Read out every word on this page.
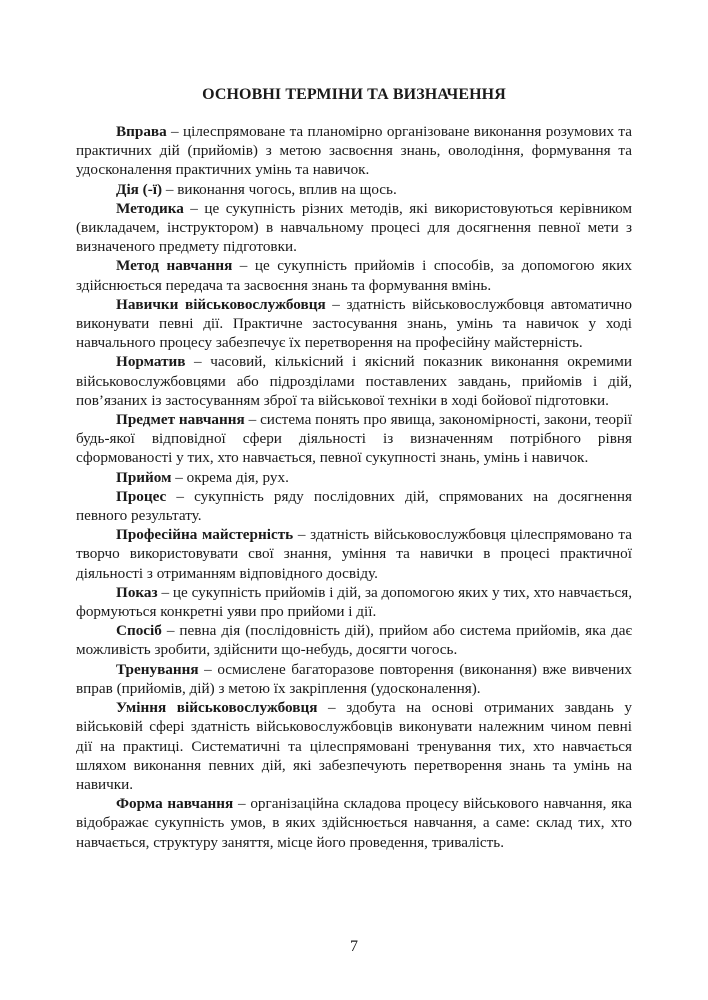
ОСНОВНІ ТЕРМІНИ ТА ВИЗНАЧЕННЯ

Вправа – цілеспрямоване та планомірно організоване виконання розумових та практичних дій (прийомів) з метою засвоєння знань, оволодіння, формування та удосконалення практичних умінь та навичок.

Дія (-ї) – виконання чогось, вплив на щось.

Методика – це сукупність різних методів, які використовуються керівником (викладачем, інструктором) в навчальному процесі для досягнення певної мети з визначеного предмету підготовки.

Метод навчання – це сукупність прийомів і способів, за допомогою яких здійснюється передача та засвоєння знань та формування вмінь.

Навички військовослужбовця – здатність військовослужбовця автоматично виконувати певні дії. Практичне застосування знань, умінь та навичок у ході навчального процесу забезпечує їх перетворення на професійну майстерність.

Норматив – часовий, кількісний і якісний показник виконання окремими військовослужбовцями або підрозділами поставлених завдань, прийомів і дій, пов’язаних із застосуванням зброї та військової техніки в ході бойової підготовки.

Предмет навчання – система понять про явища, закономірності, закони, теорії будь-якої відповідної сфери діяльності із визначенням потрібного рівня сформованості у тих, хто навчається, певної сукупності знань, умінь і навичок.

Прийом – окрема дія, рух.

Процес – сукупність ряду послідовних дій, спрямованих на досягнення певного результату.

Професійна майстерність – здатність військовослужбовця цілеспрямовано та творчо використовувати свої знання, уміння та навички в процесі практичної діяльності з отриманням відповідного досвіду.

Показ – це сукупність прийомів і дій, за допомогою яких у тих, хто навчається, формуються конкретні уяви про прийоми і дії.

Спосіб – певна дія (послідовність дій), прийом або система прийомів, яка дає можливість зробити, здійснити що-небудь, досягти чогось.

Тренування – осмислене багаторазове повторення (виконання) вже вивчених вправ (прийомів, дій) з метою їх закріплення (удосконалення).

Уміння військовослужбовця – здобута на основі отриманих завдань у військовій сфері здатність військовослужбовців виконувати належним чином певні дії на практиці. Систематичні та цілеспрямовані тренування тих, хто навчається шляхом виконання певних дій, які забезпечують перетворення знань та умінь на навички.

Форма навчання – організаційна складова процесу військового навчання, яка відображає сукупність умов, в яких здійснюється навчання, а саме: склад тих, хто навчається, структуру заняття, місце його проведення, тривалість.

7
